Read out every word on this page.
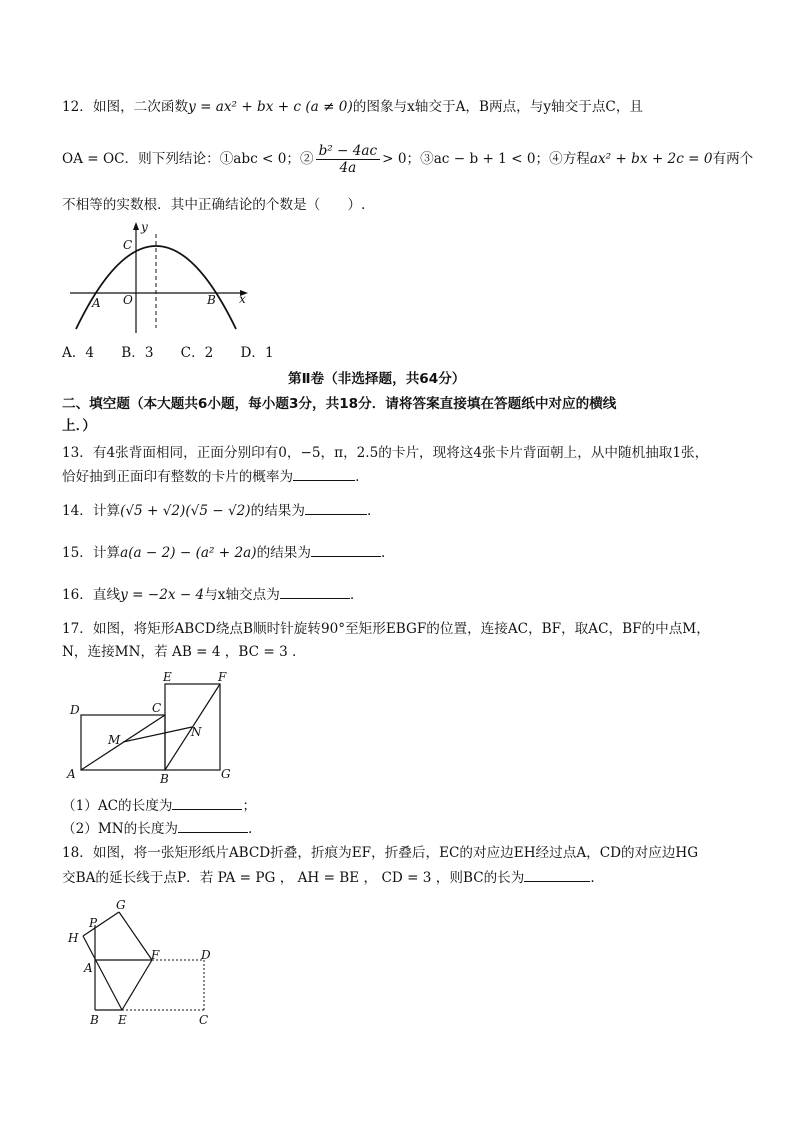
12．如图，二次函数y = ax² + bx + c (a ≠ 0)的图象与x轴交于A，B两点，与y轴交于点C，且
OA = OC．则下列结论：①abc < 0；② $\frac{\text{b² − 4ac}}{4a} > 0$；③ac − b + 1 < 0；④方程ax² + bx + 2c = 0有两个
不相等的实数根．其中正确结论的个数是（　　）.
C
y
A O	B x
A．4　　B．3　　C．2　　D．1
第Ⅱ卷（非选择题，共64分）
二、填空题（本大题共6小题，每小题3分，共18分．请将答案直接填在答题纸中对应的横线
上．）
13．有4张背面相同，正面分别印有0，−5，π，2.5的卡片，现将这4张卡片背面朝上，从中随机抽取1张，
恰好抽到正面印有整数的卡片的概率为	.
14．计算(√5 + √2)(√5 − √2)的结果为	.
15．计算a(a − 2) − (a² + 2a)的结果为	.
16．直线y = −2x − 4与x轴交点为	.
17．如图，将矩形ABCD绕点B顺时针旋转90°至矩形EBGF的位置，连接AC，BF，取AC，BF的中点M，
N，连接MN，若 AB = 4 ，BC = 3 .
E	F
D	C
M
N
A	B	G
（1）AC的长度为	；
（2）MN的长度为	.
18．如图，将一张矩形纸片ABCD折叠，折痕为EF，折叠后，EC的对应边EH经过点A，CD的对应边HG
交BA的延长线于点P．若 PA = PG ， AH = BE ， CD = 3 ，则BC的长为	.
G
P
H
A
F	D
B E	C
